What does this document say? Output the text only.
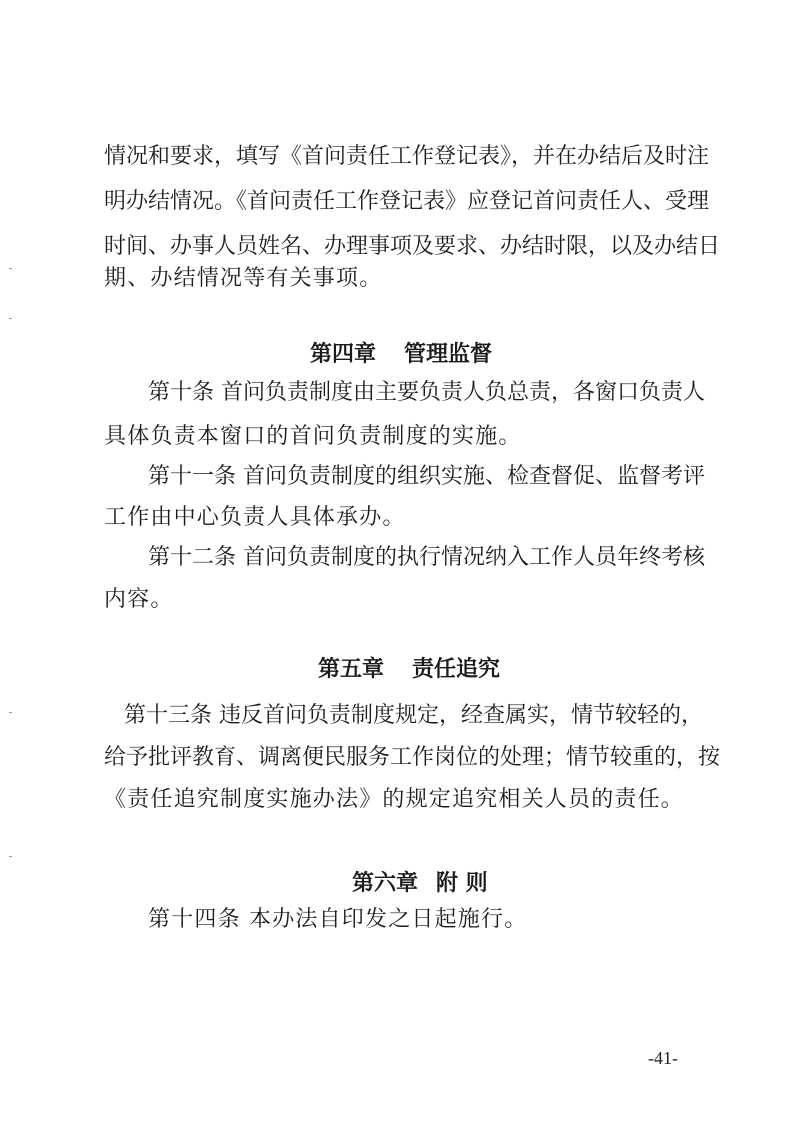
情况和要求，填写《首问责任工作登记表》，并在办结后及时注
明办结情况。《首问责任工作登记表》应登记首问责任人、受理
时间、办事人员姓名、办理事项及要求、办结时限，以及办结日
期、办结情况等有关事项。
第四章 管理监督
第十条 首问负责制度由主要负责人负总责，各窗口负责人
具体负责本窗口的首问负责制度的实施。
第十一条 首问负责制度的组织实施、检查督促、监督考评
工作由中心负责人具体承办。
第十二条 首问负责制度的执行情况纳入工作人员年终考核
内容。
第五章 责任追究
第十三条 违反首问负责制度规定，经查属实，情节较轻的，
给予批评教育、调离便民服务工作岗位的处理；情节较重的，按
《责任追究制度实施办法》的规定追究相关人员的责任。
第六章 附 则
第十四条 本办法自印发之日起施行。
-41-
